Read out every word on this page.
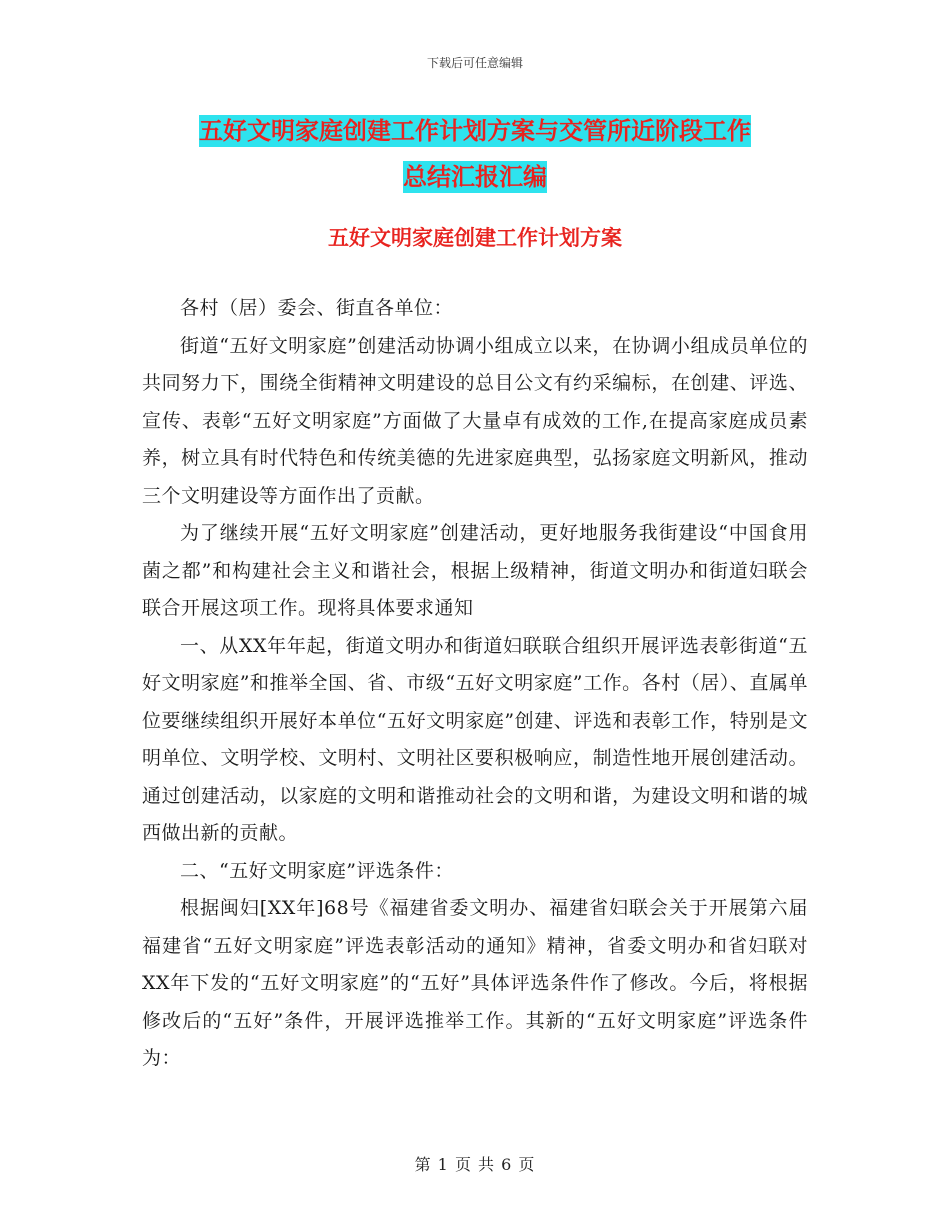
下载后可任意编辑
五好文明家庭创建工作计划方案与交管所近阶段工作
总结汇报汇编
五好文明家庭创建工作计划方案

各村（居）委会、街直各单位：

街道“五好文明家庭”创建活动协调小组成立以来，在协调小组成员单位的共同努力下，围绕全街精神文明建设的总目公文有约采编标，在创建、评选、宣传、表彰“五好文明家庭”方面做了大量卓有成效的工作,在提高家庭成员素养，树立具有时代特色和传统美德的先进家庭典型，弘扬家庭文明新风，推动三个文明建设等方面作出了贡献。

为了继续开展“五好文明家庭”创建活动，更好地服务我街建设“中国食用菌之都”和构建社会主义和谐社会，根据上级精神，街道文明办和街道妇联会联合开展这项工作。现将具体要求通知

一、从XX年年起，街道文明办和街道妇联联合组织开展评选表彰街道“五好文明家庭”和推举全国、省、市级“五好文明家庭”工作。各村（居）、直属单位要继续组织开展好本单位“五好文明家庭”创建、评选和表彰工作，特别是文明单位、文明学校、文明村、文明社区要积极响应，制造性地开展创建活动。通过创建活动，以家庭的文明和谐推动社会的文明和谐，为建设文明和谐的城西做出新的贡献。

二、“五好文明家庭”评选条件：

根据闽妇[XX年]68号《福建省委文明办、福建省妇联会关于开展第六届福建省“五好文明家庭”评选表彰活动的通知》精神，省委文明办和省妇联对XX年下发的“五好文明家庭”的“五好”具体评选条件作了修改。今后，将根据修改后的“五好”条件，开展评选推举工作。其新的“五好文明家庭”评选条件为：

第 1 页 共 6 页
